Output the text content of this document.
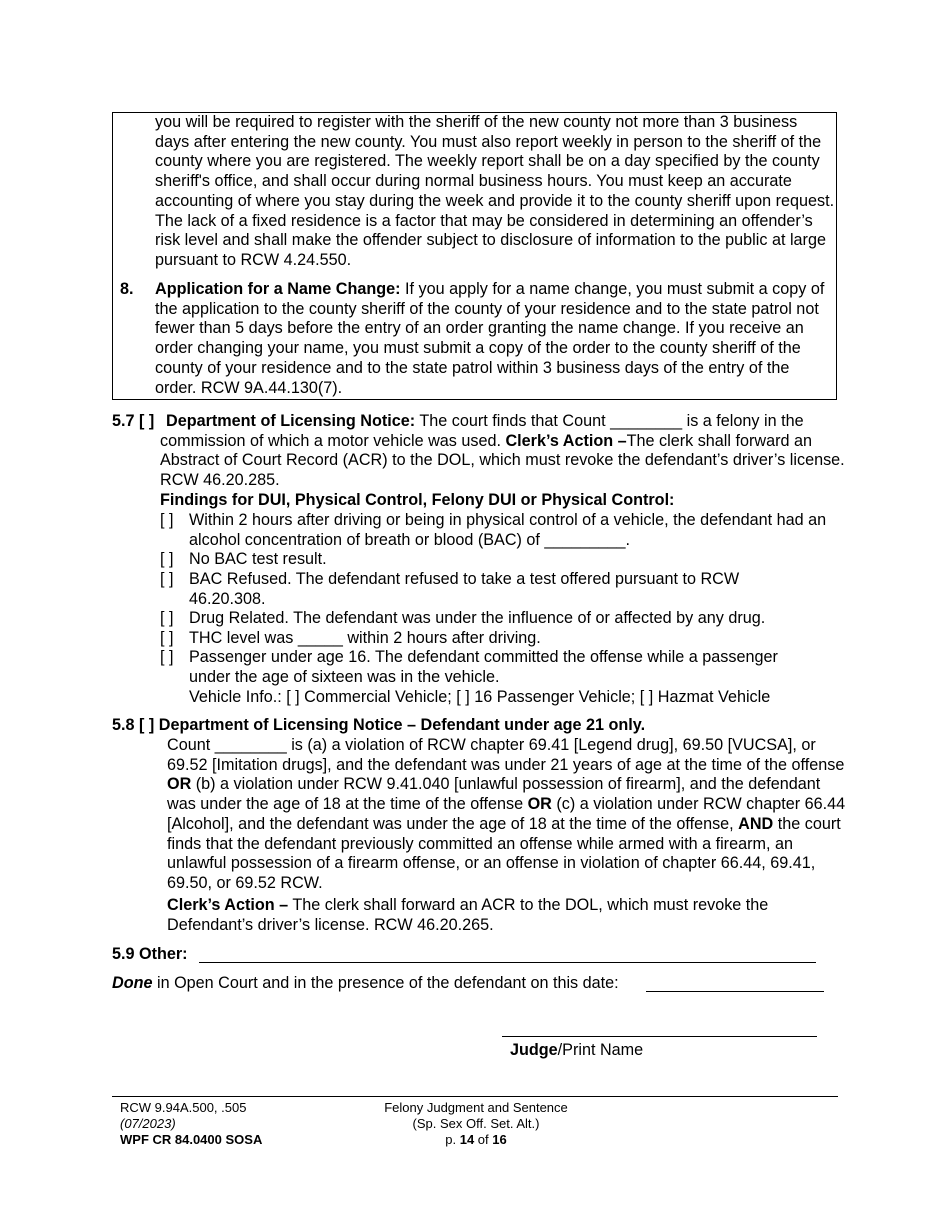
you will be required to register with the sheriff of the new county not more than 3 business days after entering the new county. You must also report weekly in person to the sheriff of the county where you are registered. The weekly report shall be on a day specified by the county sheriff's office, and shall occur during normal business hours. You must keep an accurate accounting of where you stay during the week and provide it to the county sheriff upon request. The lack of a fixed residence is a factor that may be considered in determining an offender’s risk level and shall make the offender subject to disclosure of information to the public at large pursuant to RCW 4.24.550.
8. Application for a Name Change: If you apply for a name change, you must submit a copy of the application to the county sheriff of the county of your residence and to the state patrol not fewer than 5 days before the entry of an order granting the name change. If you receive an order changing your name, you must submit a copy of the order to the county sheriff of the county of your residence and to the state patrol within 3 business days of the entry of the order. RCW 9A.44.130(7).
5.7 [ ] Department of Licensing Notice: The court finds that Count ________ is a felony in the commission of which a motor vehicle was used. Clerk’s Action –The clerk shall forward an Abstract of Court Record (ACR) to the DOL, which must revoke the defendant’s driver’s license. RCW 46.20.285.
Findings for DUI, Physical Control, Felony DUI or Physical Control:
[ ] Within 2 hours after driving or being in physical control of a vehicle, the defendant had an alcohol concentration of breath or blood (BAC) of _________.
[ ] No BAC test result.
[ ] BAC Refused. The defendant refused to take a test offered pursuant to RCW 46.20.308.
[ ] Drug Related. The defendant was under the influence of or affected by any drug.
[ ] THC level was _____ within 2 hours after driving.
[ ] Passenger under age 16. The defendant committed the offense while a passenger under the age of sixteen was in the vehicle.
Vehicle Info.: [ ] Commercial Vehicle; [ ] 16 Passenger Vehicle; [ ] Hazmat Vehicle
5.8 [ ] Department of Licensing Notice – Defendant under age 21 only.
Count ________ is (a) a violation of RCW chapter 69.41 [Legend drug], 69.50 [VUCSA], or 69.52 [Imitation drugs], and the defendant was under 21 years of age at the time of the offense OR (b) a violation under RCW 9.41.040 [unlawful possession of firearm], and the defendant was under the age of 18 at the time of the offense OR (c) a violation under RCW chapter 66.44 [Alcohol], and the defendant was under the age of 18 at the time of the offense, AND the court finds that the defendant previously committed an offense while armed with a firearm, an unlawful possession of a firearm offense, or an offense in violation of chapter 66.44, 69.41, 69.50, or 69.52 RCW.
Clerk’s Action – The clerk shall forward an ACR to the DOL, which must revoke the Defendant’s driver’s license. RCW 46.20.265.
5.9 Other:
Done in Open Court and in the presence of the defendant on this date:
Judge/Print Name
RCW 9.94A.500, .505
(07/2023)
WPF CR 84.0400 SOSA
Felony Judgment and Sentence
(Sp. Sex Off. Set. Alt.)
p. 14 of 16
